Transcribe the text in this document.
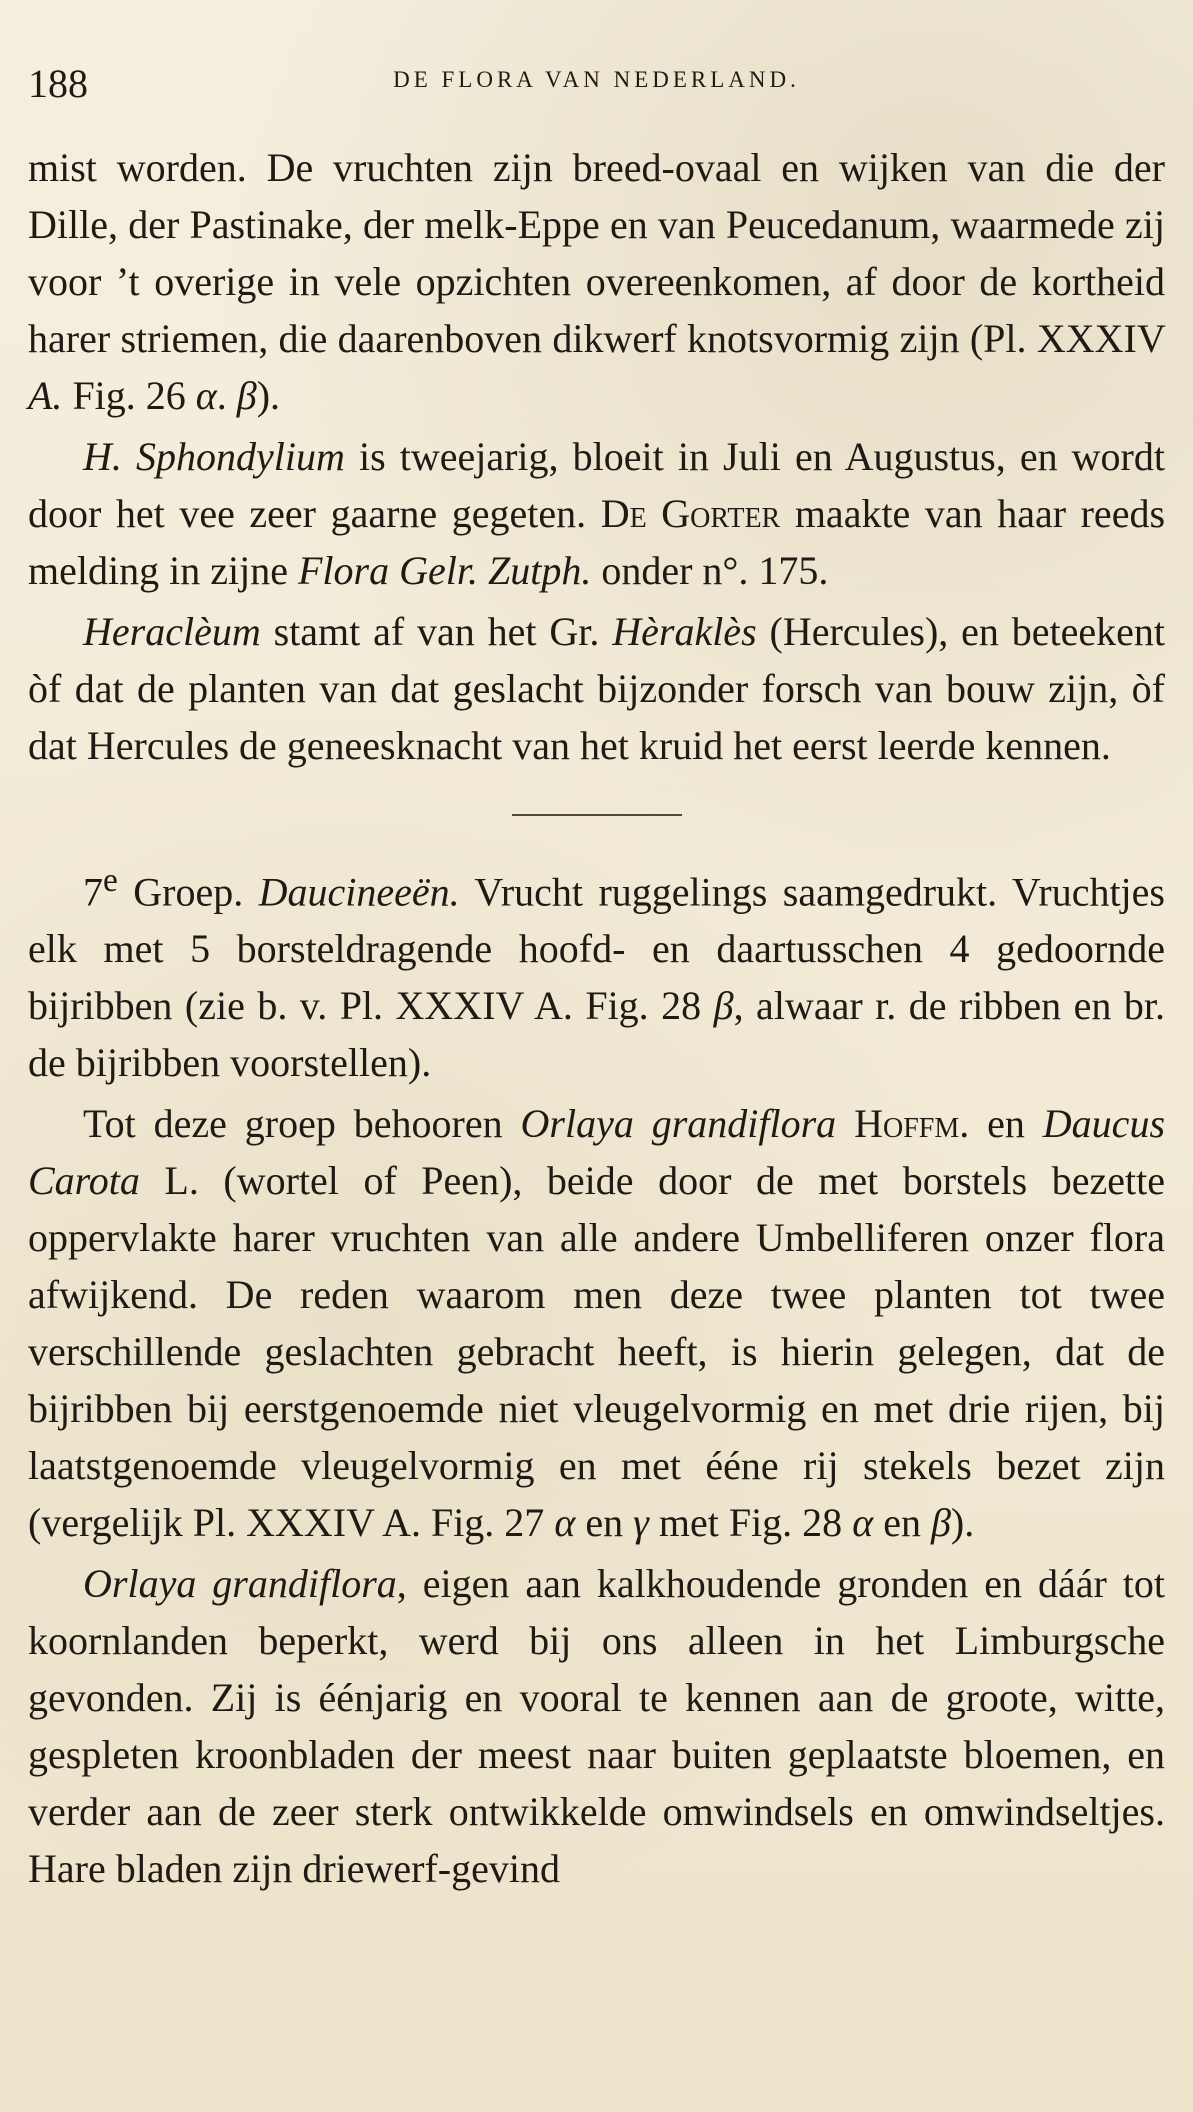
188	DE FLORA VAN NEDERLAND.

mist worden. De vruchten zijn breed-ovaal en wijken van die der Dille, der Pastinake, der melk-Eppe en van Peucedanum, waarmede zij voor ’t overige in vele opzichten overeenkomen, af door de kortheid harer striemen, die daarenboven dikwerf knotsvormig zijn (Pl. XXXIV A. Fig. 26 α. β).

H. Sphondylium is tweejarig, bloeit in Juli en Augustus, en wordt door het vee zeer gaarne gegeten. De Gorter maakte van haar reeds melding in zijne Flora Gelr. Zutph. onder n°. 175.

Heraclèum stamt af van het Gr. Hèraklès (Hercules), en beteekent òf dat de planten van dat geslacht bijzonder forsch van bouw zijn, òf dat Hercules de geneesknacht van het kruid het eerst leerde kennen.

7e Groep. Daucineeën. Vrucht ruggelings saamgedrukt. Vruchtjes elk met 5 borsteldragende hoofd- en daartusschen 4 gedoornde bijribben (zie b. v. Pl. XXXIV A. Fig. 28 β, alwaar r. de ribben en br. de bijribben voorstellen).

Tot deze groep behooren Orlaya grandiflora Hoffm. en Daucus Carota L. (wortel of Peen), beide door de met borstels bezette oppervlakte harer vruchten van alle andere Umbelliferen onzer flora afwijkend. De reden waarom men deze twee planten tot twee verschillende geslachten gebracht heeft, is hierin gelegen, dat de bijribben bij eerstgenoemde niet vleugelvormig en met drie rijen, bij laatstgenoemde vleugelvormig en met ééne rij stekels bezet zijn (vergelijk Pl. XXXIV A. Fig. 27 α en γ met Fig. 28 α en β).

Orlaya grandiflora, eigen aan kalkhoudende gronden en dáár tot koornlanden beperkt, werd bij ons alleen in het Limburgsche gevonden. Zij is éénjarig en vooral te kennen aan de groote, witte, gespleten kroonbladen der meest naar buiten geplaatste bloemen, en verder aan de zeer sterk ontwikkelde omwindsels en omwindseltjes. Hare bladen zijn driewerf-gevind
